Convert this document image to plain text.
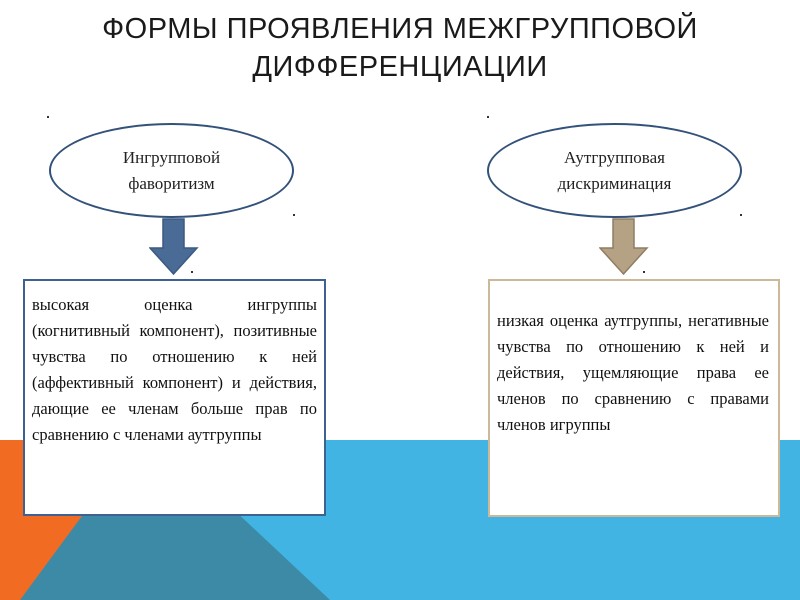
ФОРМЫ ПРОЯВЛЕНИЯ МЕЖГРУППОВОЙ
ДИФФЕРЕНЦИАЦИИ
Ингрупповой
фаворитизм
Аутгрупповая
дискриминация
высокая оценка ингруппы (когнитивный компонент), позитивные чувства по отношению к ней (аффективный компонент) и действия, дающие ее членам больше прав по сравнению с членами аутгруппы
низкая оценка аутгруппы, негативные чувства по отношению к ней и действия, ущемляющие права ее членов по сравнению с правами членов игруппы
